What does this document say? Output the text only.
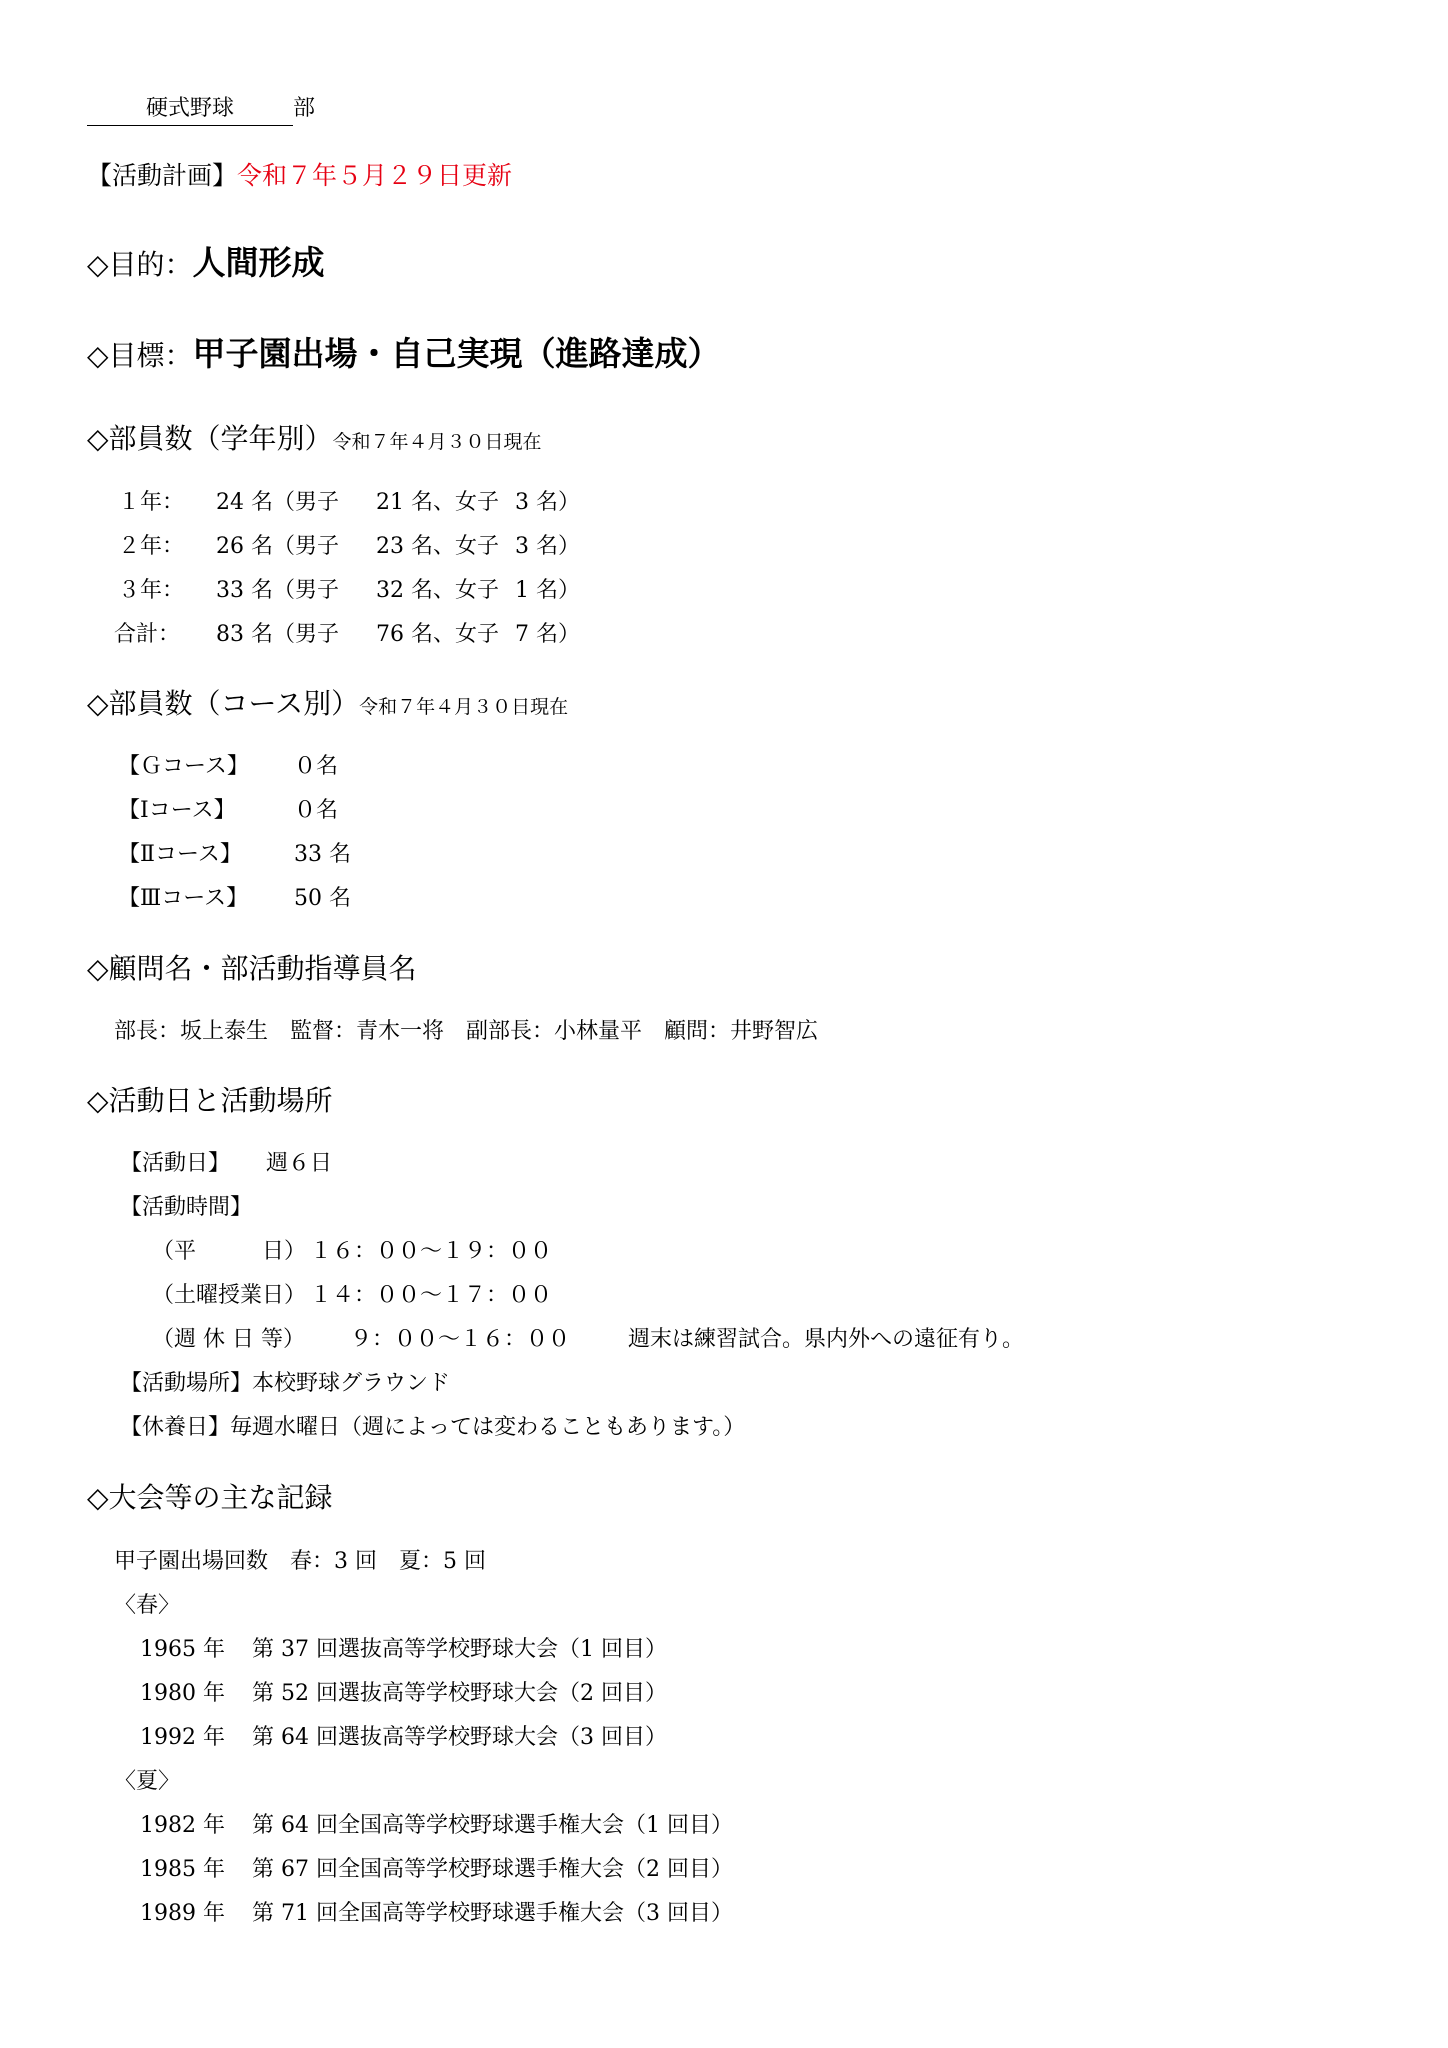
硬式野球	部
【活動計画】令和７年５月２９日更新
◇目的：人間形成
◇目標：甲子園出場・自己実現（進路達成）
◇部員数（学年別）令和７年４月３０日現在
１年： 24 名（男子 21 名、女子 3 名）
２年： 26 名（男子 23 名、女子 3 名）
３年： 33 名（男子 32 名、女子 1 名）
合計： 83 名（男子 76 名、女子 7 名）
◇部員数（コース別）令和７年４月３０日現在
【Ｇコース】 ０名
【Ⅰコース】	０名
【Ⅱコース】 33 名
【Ⅲコース】 50 名
◇顧問名・部活動指導員名
部長：坂上泰生　監督：青木一将　副部長：小林量平　顧問：井野智広
◇活動日と活動場所
【活動日】 週６日
【活動時間】
（平　　　日） １６：００～１９：００
（土曜授業日） １４：００～１７：００
（週 休 日 等） ９：００～１６：００	週末は練習試合。県内外への遠征有り。
【活動場所】本校野球グラウンド
【休養日】毎週水曜日（週によっては変わることもあります。）
◇大会等の主な記録
甲子園出場回数　春：3 回　夏：5 回
〈春〉
1965 年 第 37 回選抜高等学校野球大会（1 回目）
1980 年 第 52 回選抜高等学校野球大会（2 回目）
1992 年 第 64 回選抜高等学校野球大会（3 回目）
〈夏〉
1982 年 第 64 回全国高等学校野球選手権大会（1 回目）
1985 年 第 67 回全国高等学校野球選手権大会（2 回目）
1989 年 第 71 回全国高等学校野球選手権大会（3 回目）
